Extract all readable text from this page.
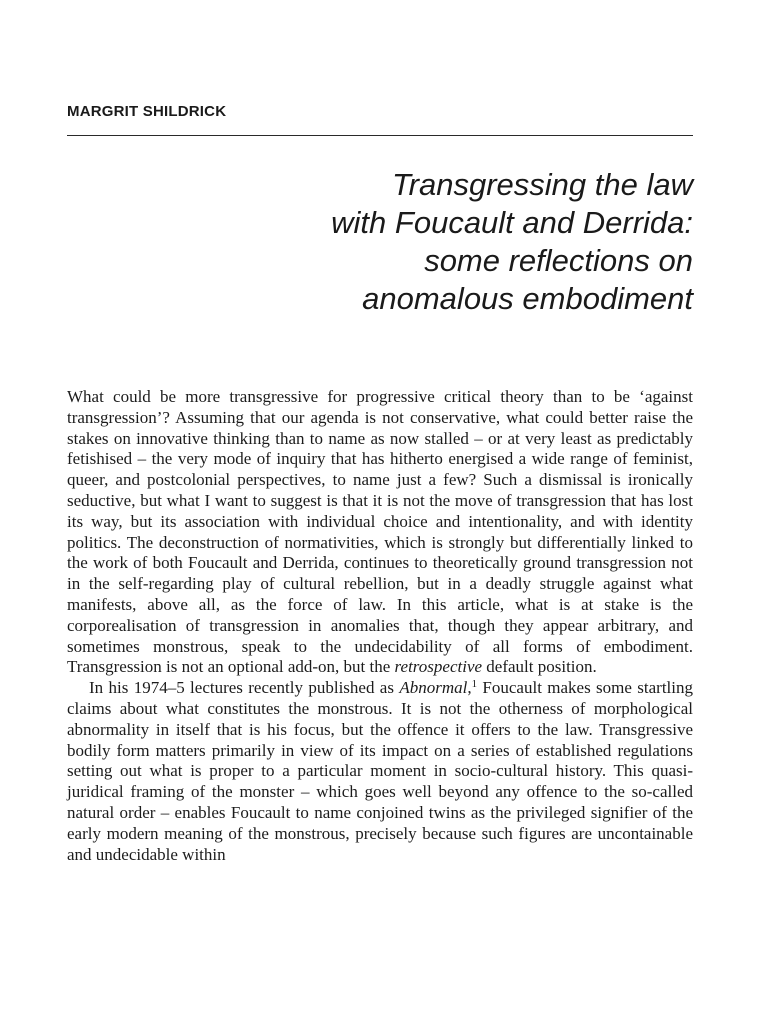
MARGRIT SHILDRICK
Transgressing the law
with Foucault and Derrida:
some reflections on
anomalous embodiment

What could be more transgressive for progressive critical theory than to be ‘against transgression’? Assuming that our agenda is not conservative, what could better raise the stakes on innovative thinking than to name as now stalled – or at very least as predictably fetishised – the very mode of inquiry that has hitherto energised a wide range of feminist, queer, and postcolonial perspectives, to name just a few? Such a dismissal is ironically seductive, but what I want to suggest is that it is not the move of transgression that has lost its way, but its association with individual choice and intentionality, and with identity politics. The deconstruction of normativities, which is strongly but differentially linked to the work of both Foucault and Derrida, continues to theoretically ground transgression not in the self-regarding play of cultural rebellion, but in a deadly struggle against what manifests, above all, as the force of law. In this article, what is at stake is the corporealisation of transgression in anomalies that, though they appear arbitrary, and sometimes monstrous, speak to the undecidability of all forms of embodiment. Transgression is not an optional add-on, but the retrospective default position.

In his 1974–5 lectures recently published as Abnormal,$^1$ Foucault makes some startling claims about what constitutes the monstrous. It is not the otherness of morphological abnormality in itself that is his focus, but the offence it offers to the law. Transgressive bodily form matters primarily in view of its impact on a series of established regulations setting out what is proper to a particular moment in socio-cultural history. This quasi-juridical framing of the monster – which goes well beyond any offence to the so-called natural order – enables Foucault to name conjoined twins as the privileged signifier of the early modern meaning of the monstrous, precisely because such figures are uncontainable and undecidable within
